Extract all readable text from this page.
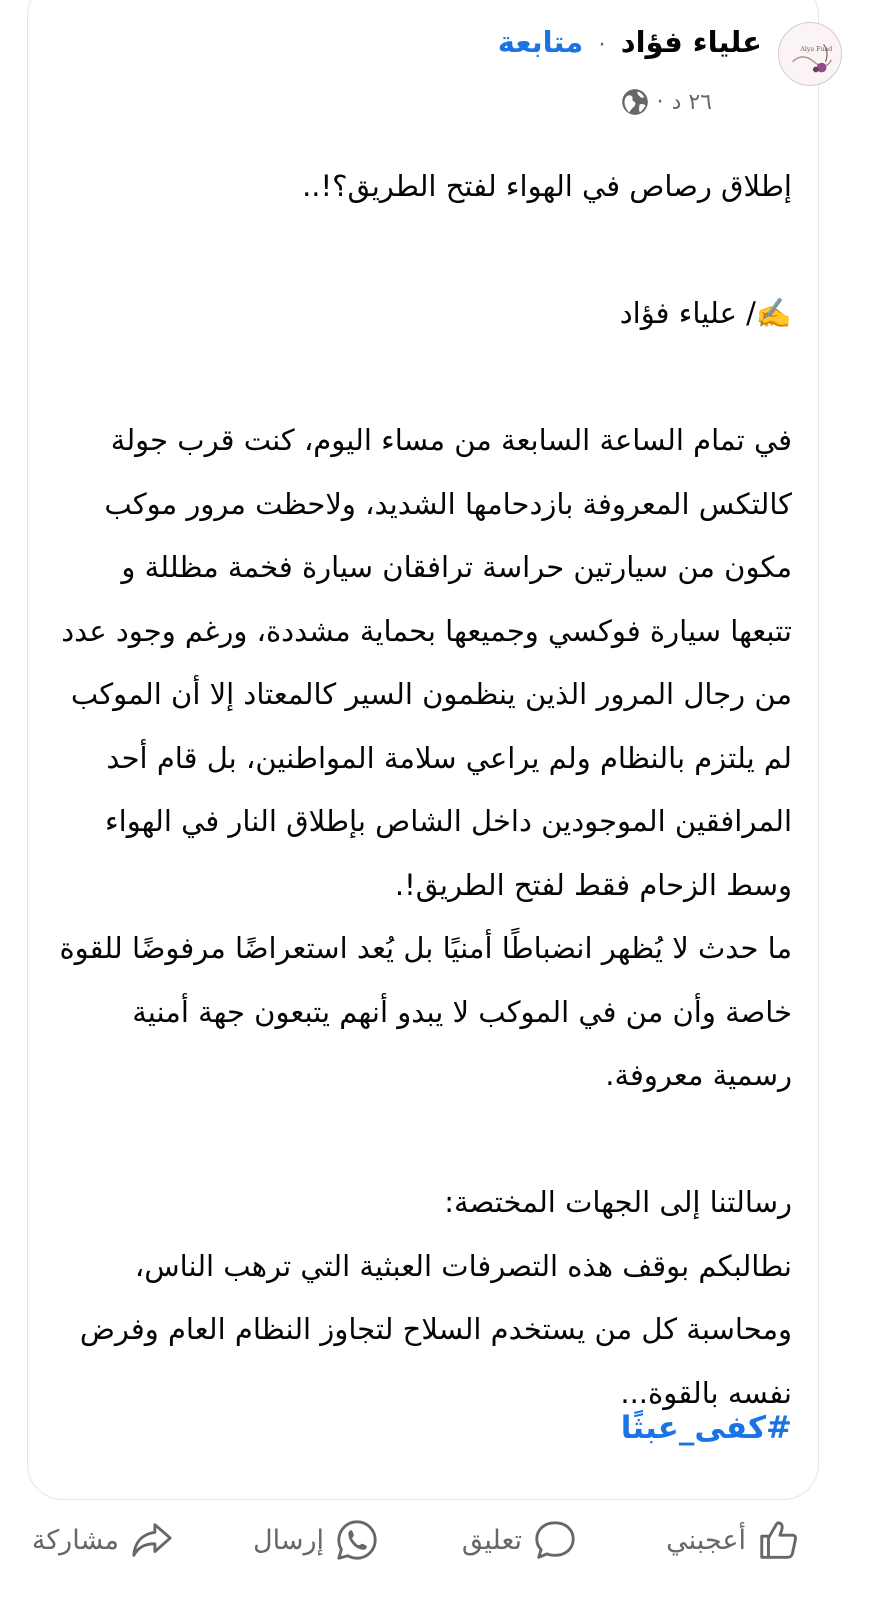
Alya Fuad
علياء فؤاد · متابعة
٢٦ د
·

إطلاق رصاص في الهواء لفتح الطريق؟!..

✍️/ علياء فؤاد

في تمام الساعة السابعة من مساء اليوم، كنت قرب جولة كالتكس المعروفة بازدحامها الشديد، ولاحظت مرور موكب مكون من سيارتين حراسة ترافقان سيارة فخمة مظللة و تتبعها سيارة فوكسي وجميعها بحماية مشددة، ورغم وجود عدد من رجال المرور الذين ينظمون السير كالمعتاد إلا أن الموكب لم يلتزم بالنظام ولم يراعي سلامة المواطنين، بل قام أحد المرافقين الموجودين داخل الشاص بإطلاق النار في الهواء وسط الزحام فقط لفتح الطريق!.

ما حدث لا يُظهر انضباطًا أمنيًا بل يُعد استعراضًا مرفوضًا للقوة خاصة وأن من في الموكب لا يبدو أنهم يتبعون جهة أمنية رسمية معروفة.

رسالتنا إلى الجهات المختصة:

نطالبكم بوقف هذه التصرفات العبثية التي ترهب الناس، ومحاسبة كل من يستخدم السلاح لتجاوز النظام العام وفرض نفسه بالقوة...

#كفى_عبثًا
أعجبني
تعليق
إرسال
مشاركة
